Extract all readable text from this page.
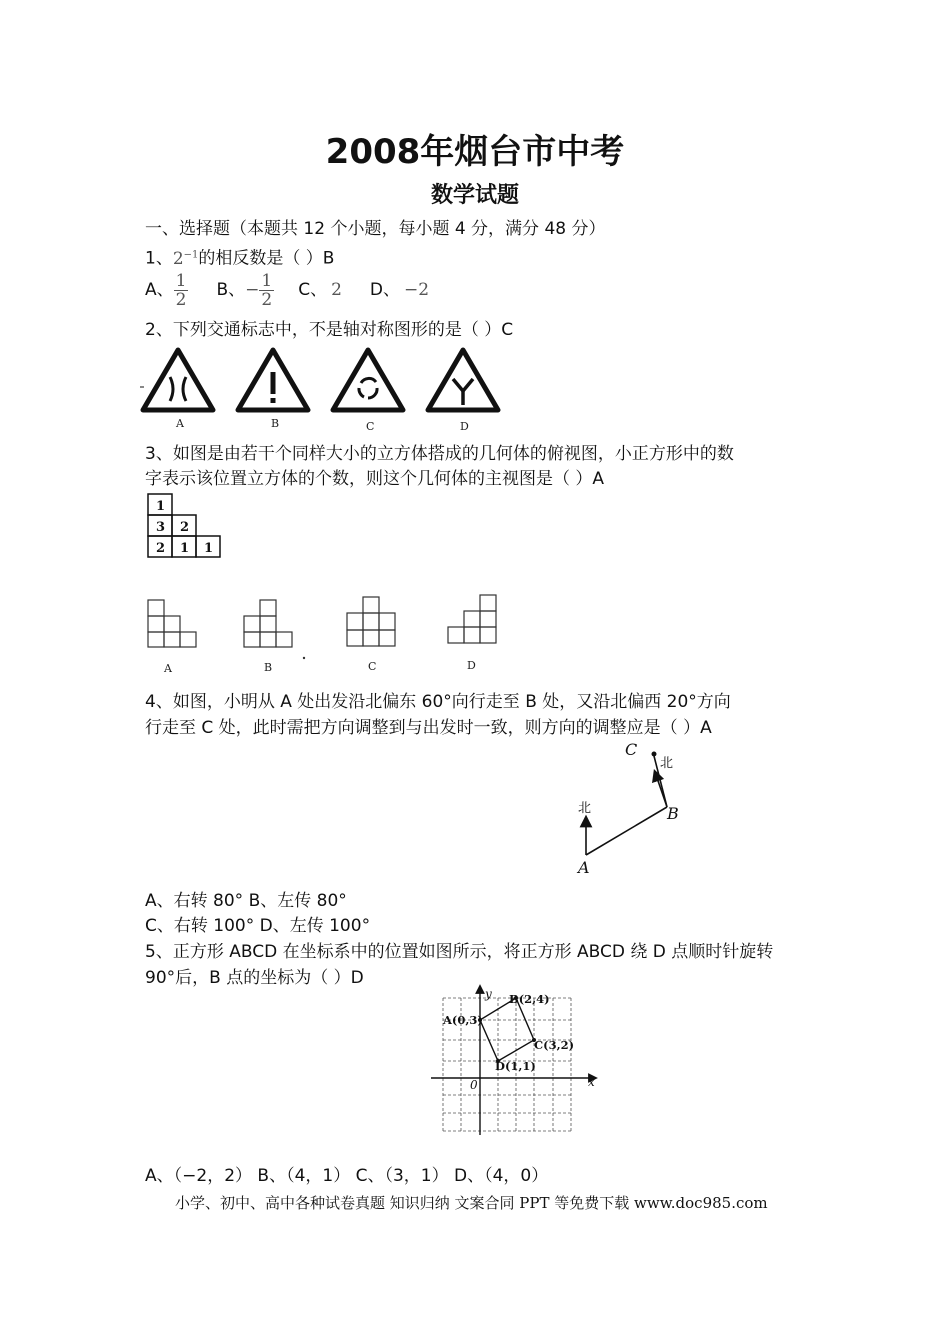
2008年烟台市中考
数学试题
一、选择题（本题共 12 个小题，每小题 4 分，满分 48 分）
1、$2^{-1}$的相反数是（ ）B
A、 $\frac{1}{2}$ B、 − $\frac{1}{2}$ C、 2 D、 −2
2、下列交通标志中，不是轴对称图形的是（ ）C
A	B	C	D
3、如图是由若干个同样大小的立方体搭成的几何体的俯视图，小正方形中的数
字表示该位置立方体的个数，则这个几何体的主视图是（ ）A
1
3 2
2 1 1
A	B	C	D
4、如图，小明从 A 处出发沿北偏东 60°向行走至 B 处，又沿北偏西 20°方向
行走至 C 处，此时需把方向调整到与出发时一致，则方向的调整应是（ ）A
北
北
A
B
C
A、右转 80° B、左传 80°
C、右转 100° D、左传 100°
5、正方形 ABCD 在坐标系中的位置如图所示，将正方形 ABCD 绕 D 点顺时针旋转
90°后，B 点的坐标为（ ）D
y
x
0
A(0,3)
B(2,4)
C(3,2)
D(1,1)
A、（−2，2） B、（4，1） C、（3，1） D、（4，0）
小学、初中、高中各种试卷真题 知识归纳 文案合同 PPT 等免费下载 www.doc985.com
